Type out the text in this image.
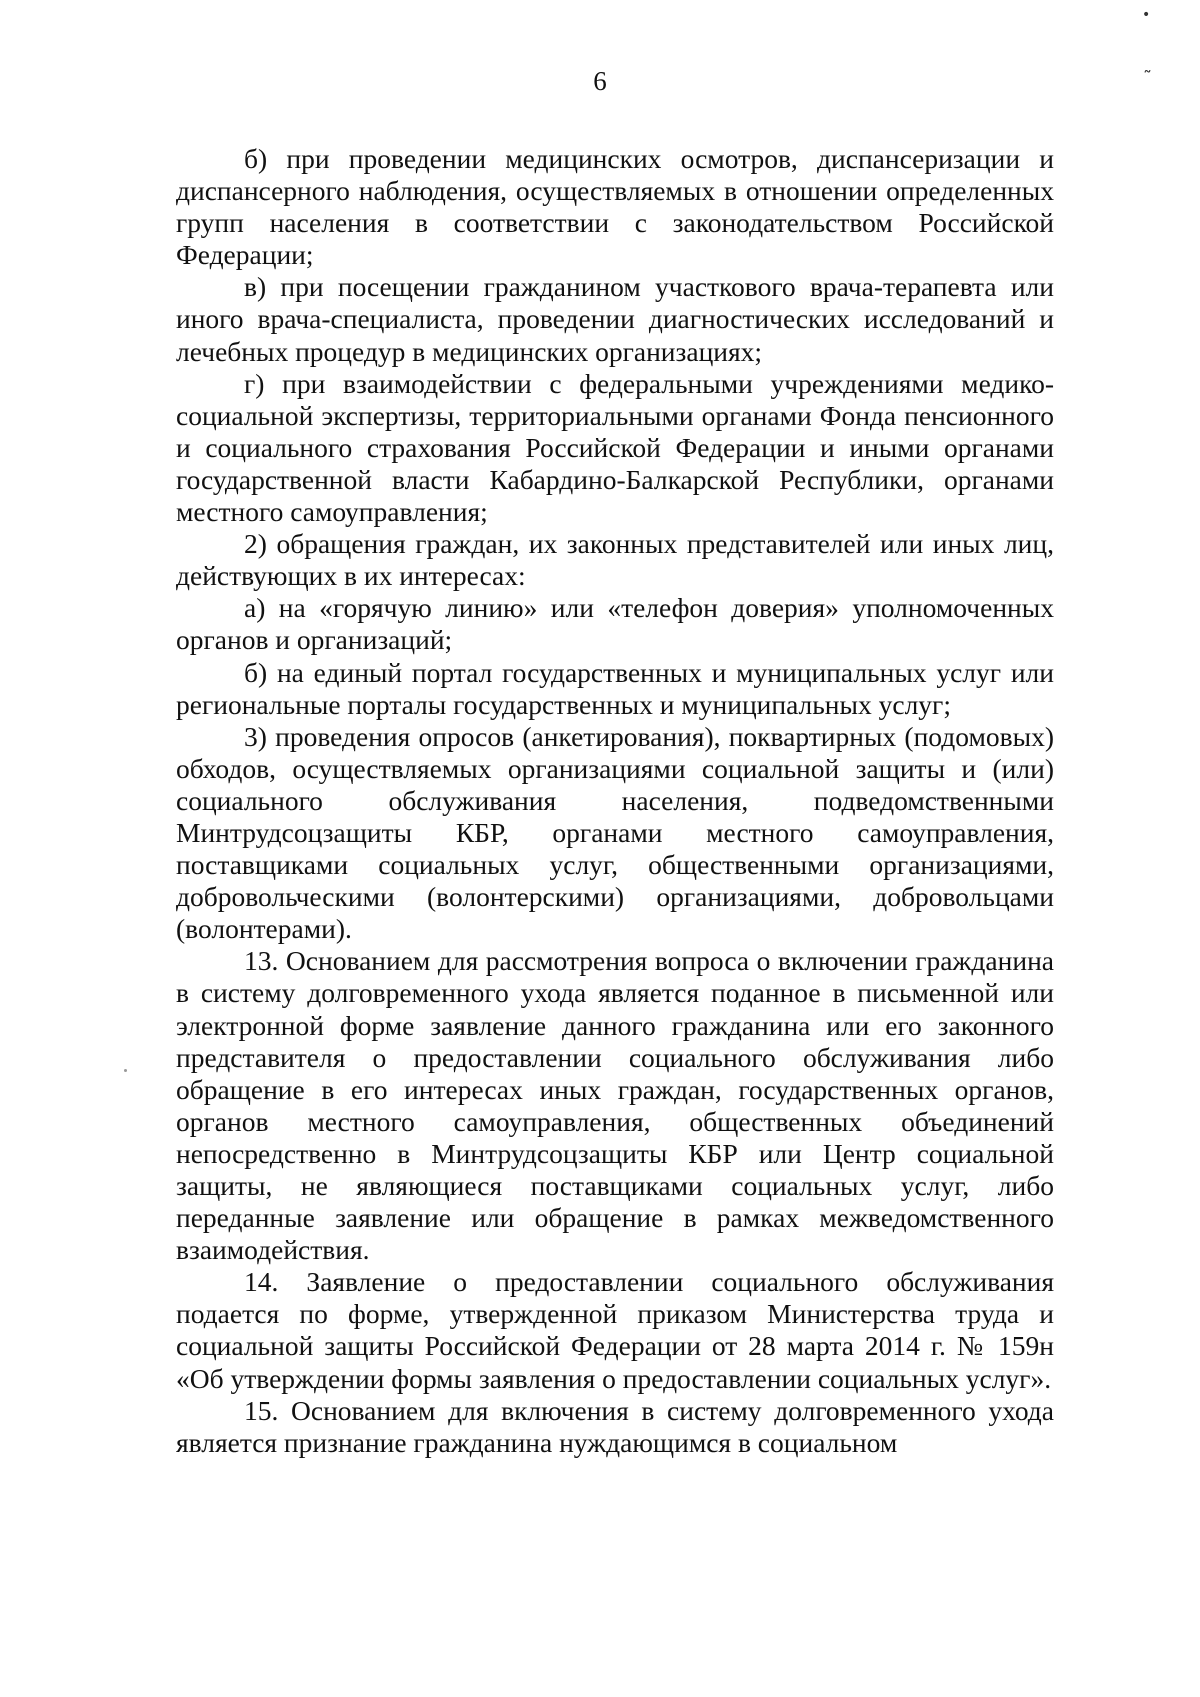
•
˜
6

б) при проведении медицинских осмотров, диспансеризации и диспансерного наблюдения, осуществляемых в отношении определенных групп населения в соответствии с законодательством Российской Федерации;

в) при посещении гражданином участкового врача-терапевта или иного врача-специалиста, проведении диагностических исследований и лечебных процедур в медицинских организациях;

г) при взаимодействии с федеральными учреждениями медико-социальной экспертизы, территориальными органами Фонда пенсионного и социального страхования Российской Федерации и иными органами государственной власти Кабардино-Балкарской Республики, органами местного самоуправления;

2) обращения граждан, их законных представителей или иных лиц, действующих в их интересах:

а) на «горячую линию» или «телефон доверия» уполномоченных органов и организаций;

б) на единый портал государственных и муниципальных услуг или региональные порталы государственных и муниципальных услуг;

3) проведения опросов (анкетирования), поквартирных (подомовых) обходов, осуществляемых организациями социальной защиты и (или) социального обслуживания населения, подведомственными Минтрудсоцзащиты КБР, органами местного самоуправления, поставщиками социальных услуг, общественными организациями, добровольческими (волонтерскими) организациями, добровольцами (волонтерами).

13. Основанием для рассмотрения вопроса о включении гражданина в систему долговременного ухода является поданное в письменной или электронной форме заявление данного гражданина или его законного представителя о предоставлении социального обслуживания либо обращение в его интересах иных граждан, государственных органов, органов местного самоуправления, общественных объединений непосредственно в Минтрудсоцзащиты КБР или Центр социальной защиты, не являющиеся поставщиками социальных услуг, либо переданные заявление или обращение в рамках межведомственного взаимодействия.

14. Заявление о предоставлении социального обслуживания подается по форме, утвержденной приказом Министерства труда и социальной защиты Российской Федерации от 28 марта 2014 г. № 159н «Об утверждении формы заявления о предоставлении социальных услуг».

15. Основанием для включения в систему долговременного ухода является признание гражданина нуждающимся в социальном
